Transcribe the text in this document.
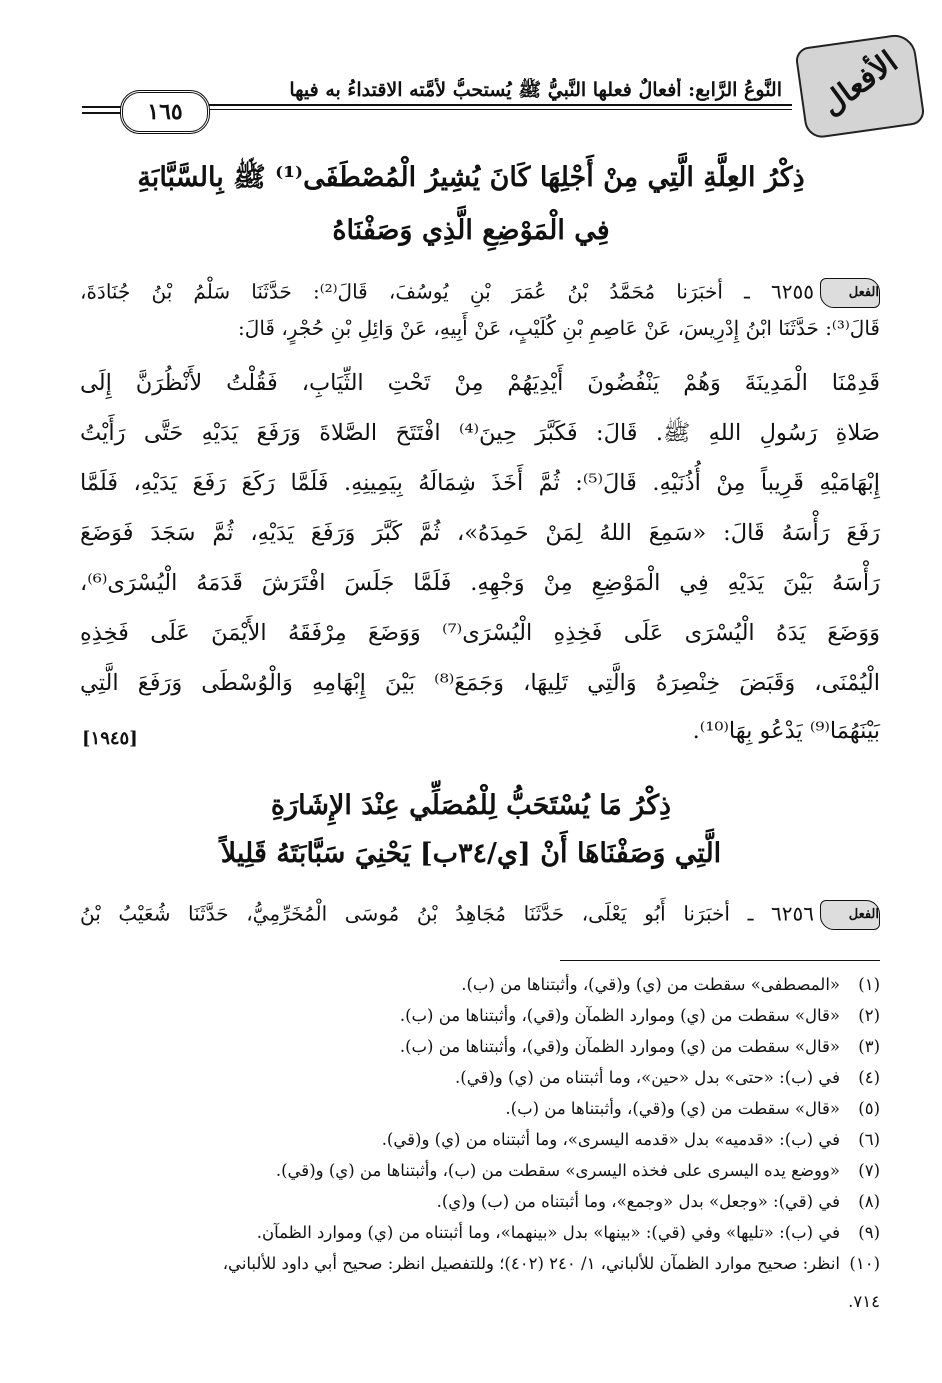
الأفعال
النَّوعُ الرَّابع: أفعالٌ فعلها النَّبيُّ ﷺ يُستحبُّ لأمَّته الاقتداءُ به فيها
١٦٥
ذِكْرُ العِلَّةِ الَّتِي مِنْ أَجْلِهَا كَانَ يُشِيرُ الْمُصْطَفَى⁽¹⁾ ﷺ بِالسَّبَّابَةِ
فِي الْمَوْضِعِ الَّذِي وَصَفْنَاهُ
الفعل٦٢٥٥ ـ أخبَرَنا مُحَمَّدُ بْنُ عُمَرَ بْنِ يُوسُفَ، قَالَ⁽²⁾: حَدَّثَنَا سَلْمُ بْنُ جُنَادَةَ،
قَالَ⁽³⁾: حَدَّثَنَا ابْنُ إِدْرِيسَ، عَنْ عَاصِمِ بْنِ كُلَيْبٍ، عَنْ أَبِيهِ، عَنْ وَائِلِ بْنِ حُجْرٍ، قَالَ:
قَدِمْنَا الْمَدِينَةَ وَهُمْ يَنْفُضُونَ أَيْدِيَهُمْ مِنْ تَحْتِ الثِّيَابِ، فَقُلْتُ لأَنْظُرَنَّ إِلَى
صَلاةِ رَسُولِ اللهِ ﷺ. قَالَ: فَكَبَّرَ حِينَ⁽⁴⁾ افْتَتَحَ الصَّلاةَ وَرَفَعَ يَدَيْهِ حَتَّى رَأَيْتُ
إِبْهَامَيْهِ قَرِيباً مِنْ أُذُنَيْهِ. قَالَ⁽⁵⁾: ثُمَّ أَخَذَ شِمَالَهُ بِيَمِينِهِ. فَلَمَّا رَكَعَ رَفَعَ يَدَيْهِ، فَلَمَّا
رَفَعَ رَأْسَهُ قَالَ: «سَمِعَ اللهُ لِمَنْ حَمِدَهُ»، ثُمَّ كَبَّرَ وَرَفَعَ يَدَيْهِ، ثُمَّ سَجَدَ فَوَضَعَ
رَأْسَهُ بَيْنَ يَدَيْهِ فِي الْمَوْضِعِ مِنْ وَجْهِهِ. فَلَمَّا جَلَسَ افْتَرَشَ قَدَمَهُ الْيُسْرَى⁽⁶⁾،
وَوَضَعَ يَدَهُ الْيُسْرَى عَلَى فَخِذِهِ الْيُسْرَى⁽⁷⁾ وَوَضَعَ مِرْفَقَهُ الأَيْمَنَ عَلَى فَخِذِهِ
الْيُمْنَى، وَقَبَضَ خِنْصِرَهُ وَالَّتِي تَلِيهَا، وَجَمَعَ⁽⁸⁾ بَيْنَ إِبْهَامِهِ وَالْوُسْطَى وَرَفَعَ الَّتِي
بَيْنَهُمَا⁽⁹⁾ يَدْعُو بِهَا⁽¹⁰⁾.
[١٩٤٥]
ذِكْرُ مَا يُسْتَحَبُّ لِلْمُصَلِّي عِنْدَ الإِشَارَةِ
الَّتِي وَصَفْنَاهَا أَنْ [ي/٣٤ب] يَحْنِيَ سَبَّابَتَهُ قَلِيلاً
الفعل٦٢٥٦ ـ أخبَرَنا أَبُو يَعْلَى، حَدَّثَنَا مُجَاهِدُ بْنُ مُوسَى الْمُخَرِّمِيُّ، حَدَّثَنَا شُعَيْبُ بْنُ
(١)«المصطفى» سقطت من (ي) و(قي)، وأثبتناها من (ب).
(٢)«قال» سقطت من (ي) وموارد الظمآن و(قي)، وأثبتناها من (ب).
(٣)«قال» سقطت من (ي) وموارد الظمآن و(قي)، وأثبتناها من (ب).
(٤)في (ب): «حتى» بدل «حين»، وما أثبتناه من (ي) و(قي).
(٥)«قال» سقطت من (ي) و(قي)، وأثبتناها من (ب).
(٦)في (ب): «قدميه» بدل «قدمه اليسرى»، وما أثبتناه من (ي) و(قي).
(٧)«ووضع يده اليسرى على فخذه اليسرى» سقطت من (ب)، وأثبتناها من (ي) و(قي).
(٨)في (قي): «وجعل» بدل «وجمع»، وما أثبتناه من (ب) و(ي).
(٩)في (ب): «تليها» وفي (قي): «بينها» بدل «بينهما»، وما أثبتناه من (ي) وموارد الظمآن.
(١٠)انظر: صحيح موارد الظمآن للألباني، ١/ ٢٤٠ (٤٠٢)؛ وللتفصيل انظر: صحيح أبي داود للألباني،
٧١٤.
